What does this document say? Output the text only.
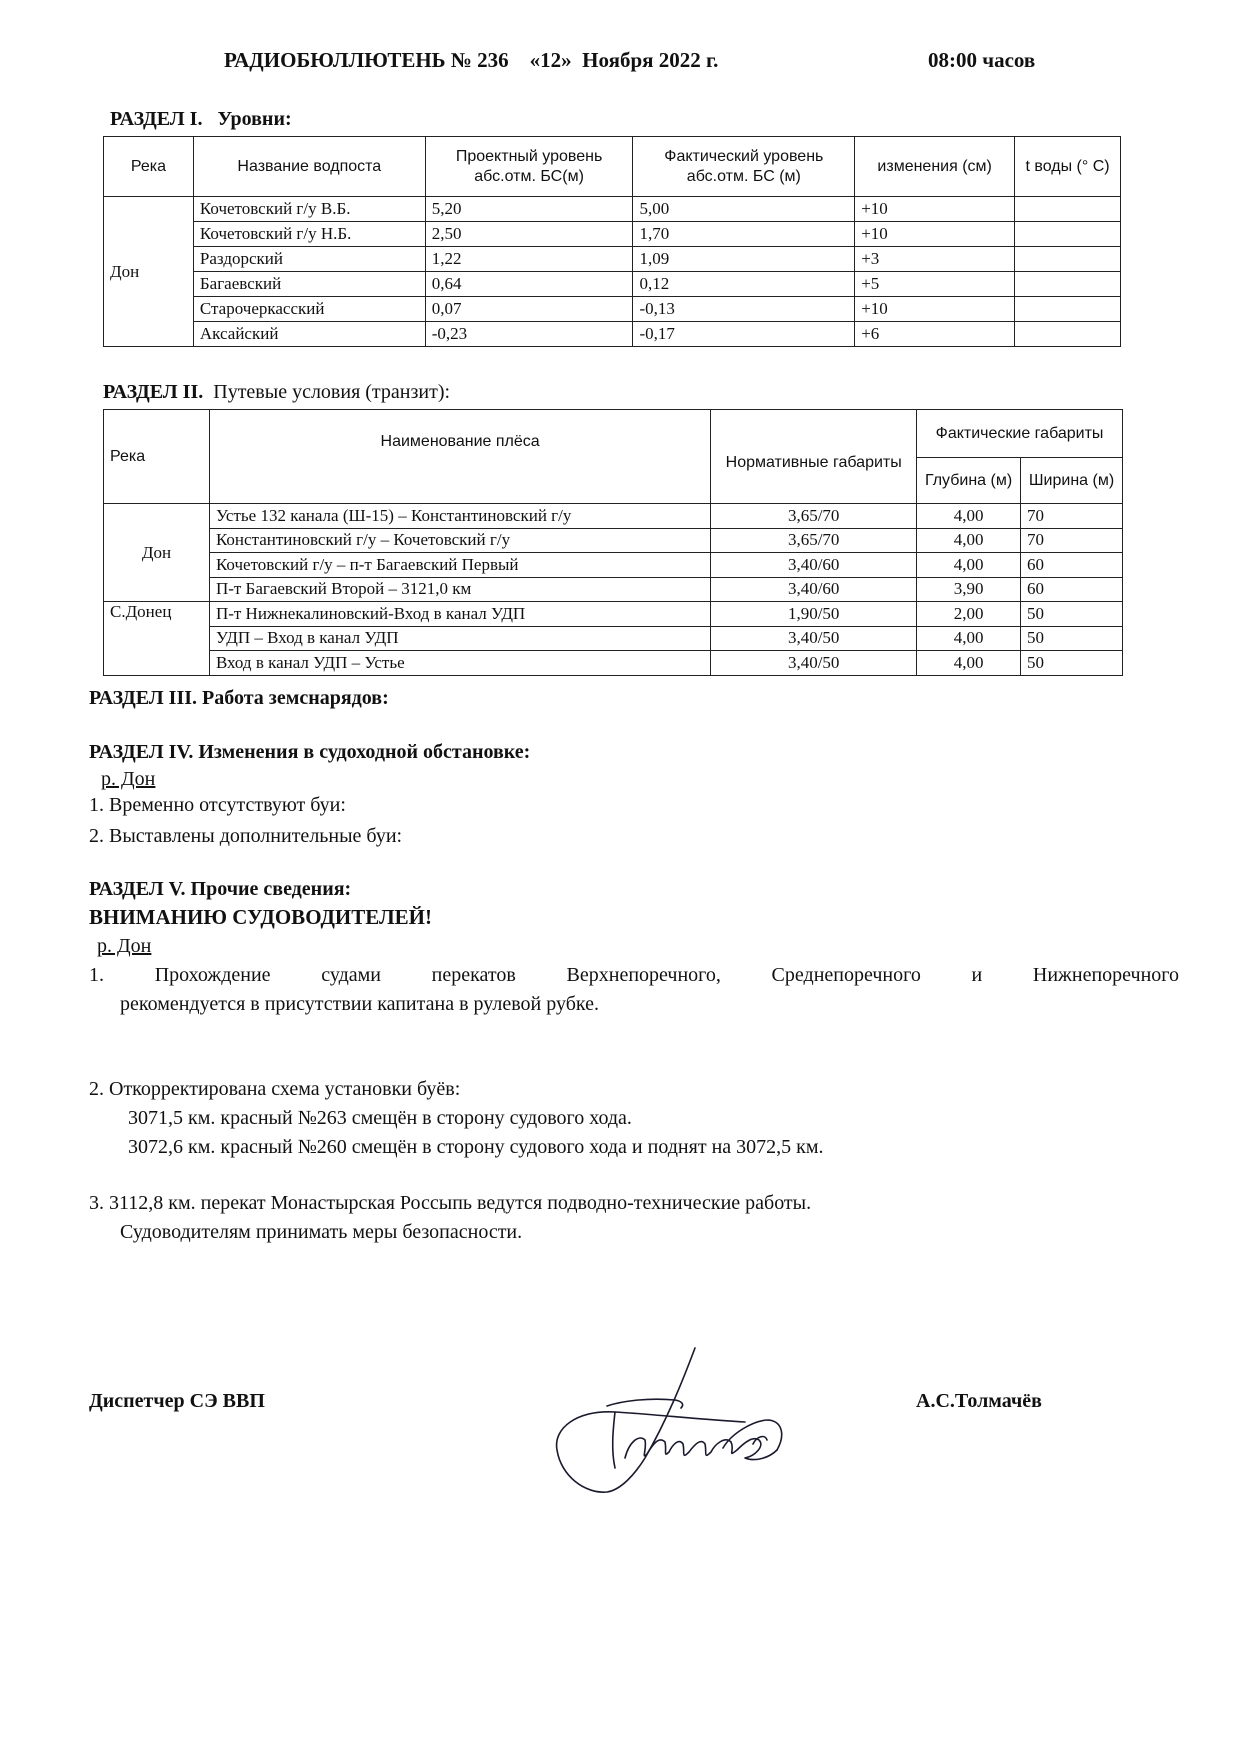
РАДИОБЮЛЛЮТЕНЬ № 236    «12»  Ноября 2022 г.	08:00 часов
РАЗДЕЛ I. Уровни:
Река	Название водпоста	Проектный уровень абс.отм. БС(м)	Фактический уровень абс.отм. БС (м)	изменения (см)	t воды (° C)
Дон	Кочетовский г/у В.Б.	5,20	5,00	+10	
	Кочетовский г/у Н.Б.	2,50	1,70	+10	
	Раздорский	1,22	1,09	+3	
	Багаевский	0,64	0,12	+5	
	Старочеркасский	0,07	-0,13	+10	
	Аксайский	-0,23	-0,17	+6	
РАЗДЕЛ II. Путевые условия (транзит):
Река	Наименование плёса	Нормативные габариты	Фактические габариты	
			Глубина (м)	Ширина (м)
Дон	Устье 132 канала (Ш-15) – Константиновский г/у	3,65/70	4,00	70
	Константиновский г/у – Кочетовский г/у	3,65/70	4,00	70
	Кочетовский г/у – п-т Багаевский Первый	3,40/60	4,00	60
	П-т Багаевский Второй – 3121,0 км	3,40/60	3,90	60
С.Донец	П-т Нижнекалиновский-Вход в канал УДП	1,90/50	2,00	50
	УДП – Вход в канал УДП	3,40/50	4,00	50
	Вход в канал УДП – Устье	3,40/50	4,00	50
РАЗДЕЛ III. Работа земснарядов:
РАЗДЕЛ IV. Изменения в судоходной обстановке:
р. Дон
1. Временно отсутствуют буи:
2. Выставлены дополнительные буи:
РАЗДЕЛ V. Прочие сведения:
ВНИМАНИЮ СУДОВОДИТЕЛЕЙ!
р. Дон
1. Прохождение судами перекатов Верхнепоречного, Среднепоречного и Нижнепоречного
рекомендуется в присутствии капитана в рулевой рубке.
2. Откорректирована схема установки буёв:
3071,5 км. красный №263 смещён в сторону судового хода.
3072,6 км. красный №260 смещён в сторону судового хода и поднят на 3072,5 км.
3. 3112,8 км. перекат Монастырская Россыпь ведутся подводно-технические работы.
Судоводителям принимать меры безопасности.
Диспетчер СЭ ВВП	А.С.Толмачёв
